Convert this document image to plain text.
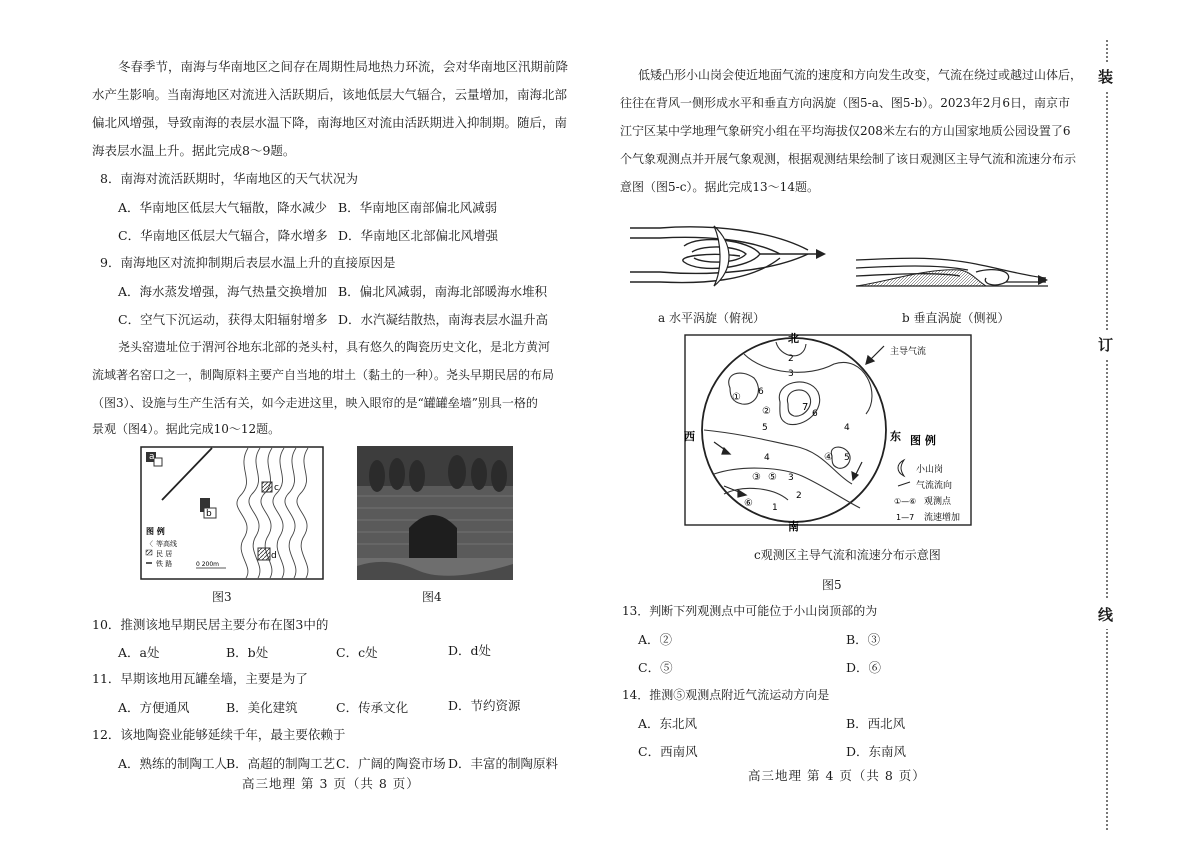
冬春季节，南海与华南地区之间存在周期性局地热力环流，会对华南地区汛期前降
水产生影响。当南海地区对流进入活跃期后，该地低层大气辐合，云量增加，南海北部
偏北风增强，导致南海的表层水温下降，南海地区对流由活跃期进入抑制期。随后，南
海表层水温上升。据此完成8～9题。
8．南海对流活跃期时，华南地区的天气状况为
A．华南地区低层大气辐散，降水减少 B．华南地区南部偏北风减弱
C．华南地区低层大气辐合，降水增多 D．华南地区北部偏北风增强
9．南海地区对流抑制期后表层水温上升的直接原因是
A．海水蒸发增强，海气热量交换增加 B．偏北风减弱，南海北部暖海水堆积
C．空气下沉运动，获得太阳辐射增多 D．水汽凝结散热，南海表层水温升高
尧头窑遗址位于渭河谷地东北部的尧头村，具有悠久的陶瓷历史文化，是北方黄河
流域著名窑口之一，制陶原料主要产自当地的坩土（黏土的一种）。尧头早期民居的布局
（图3）、设施与生产生活有关，如今走进这里，映入眼帘的是“罐罐垒墙”别具一格的
景观（图4）。据此完成10～12题。
a
b
c
d
图 例
〈 等高线
民 居
铁 路	0 200m
图3	图4
10．推测该地早期民居主要分布在图3中的
A．a处	B．b处	C．c处	D．d处
11．早期该地用瓦罐垒墙，主要是为了
A．方便通风	B．美化建筑	C．传承文化	D．节约资源
12．该地陶瓷业能够延续千年，最主要依赖于
A．熟练的制陶工人
B．高超的制陶工艺 C．广阔的陶瓷市场 D．丰富的制陶原料
高三地理 第 3 页（共 8 页）
低矮凸形小山岗会使近地面气流的速度和方向发生改变，气流在绕过或越过山体后，
往往在背风一侧形成水平和垂直方向涡旋（图5-a、图5-b）。2023年2月6日，南京市
江宁区某中学地理气象研究小组在平均海拔仅208米左右的方山国家地质公园设置了6
个气象观测点并开展气象观测，根据观测结果绘制了该日观测区主导气流和流速分布示
意图（图5-c）。据此完成13～14题。
a 水平涡旋（俯视）	b 垂直涡旋（侧视）
北
南
西	东
主导气流
2
3
6
5
6
4
4	5
3
2
1
①
②
③
④
⑤
⑥
7
图 例
小山岗
气流流向
①—⑥ 观测点
1—7 流速增加
c观测区主导气流和流速分布示意图
图5
13．判断下列观测点中可能位于小山岗顶部的为
A．②	B．③
C．⑤	D．⑥
14．推测⑤观测点附近气流运动方向是
A．东北风	B．西北风
C．西南风	D．东南风
高三地理 第 4 页（共 8 页）
装
订
线
